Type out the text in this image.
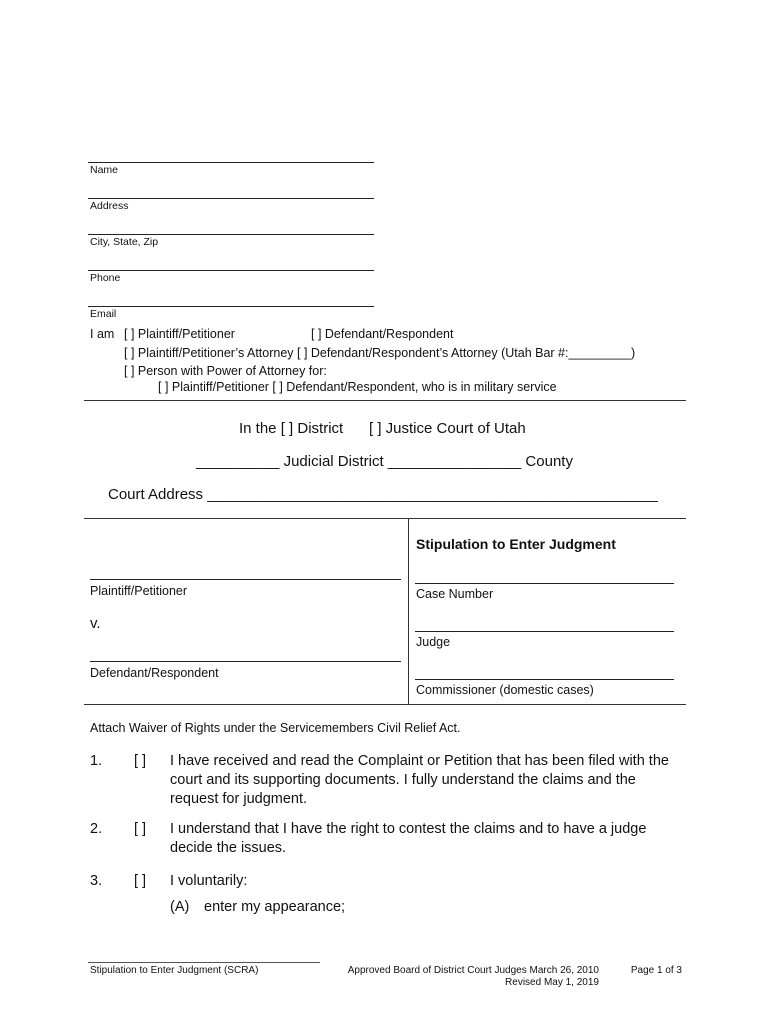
Name
Address
City, State, Zip
Phone
Email
I am [ ] Plaintiff/Petitioner	[ ] Defendant/Respondent
[ ] Plaintiff/Petitioner’s Attorney [ ] Defendant/Respondent’s Attorney (Utah Bar #:_________)
[ ] Person with Power of Attorney for:
[ ] Plaintiff/Petitioner [ ] Defendant/Respondent, who is in military service
In the [ ] District [ ] Justice Court of Utah
__________ Judicial District ________________ County
Court Address ______________________________________________________
Stipulation to Enter Judgment
Plaintiff/Petitioner
v.
Defendant/Respondent
Case Number
Judge
Commissioner (domestic cases)
Attach Waiver of Rights under the Servicemembers Civil Relief Act.
1. [ ] I have received and read the Complaint or Petition that has been filed with the court and its supporting documents. I fully understand the claims and the request for judgment.
2. [ ] I understand that I have the right to contest the claims and to have a judge decide the issues.
3. [ ] I voluntarily:
(A) enter my appearance;
Stipulation to Enter Judgment (SCRA)	Approved Board of District Court Judges March 26, 2010
Revised May 1, 2019
Page 1 of 3
